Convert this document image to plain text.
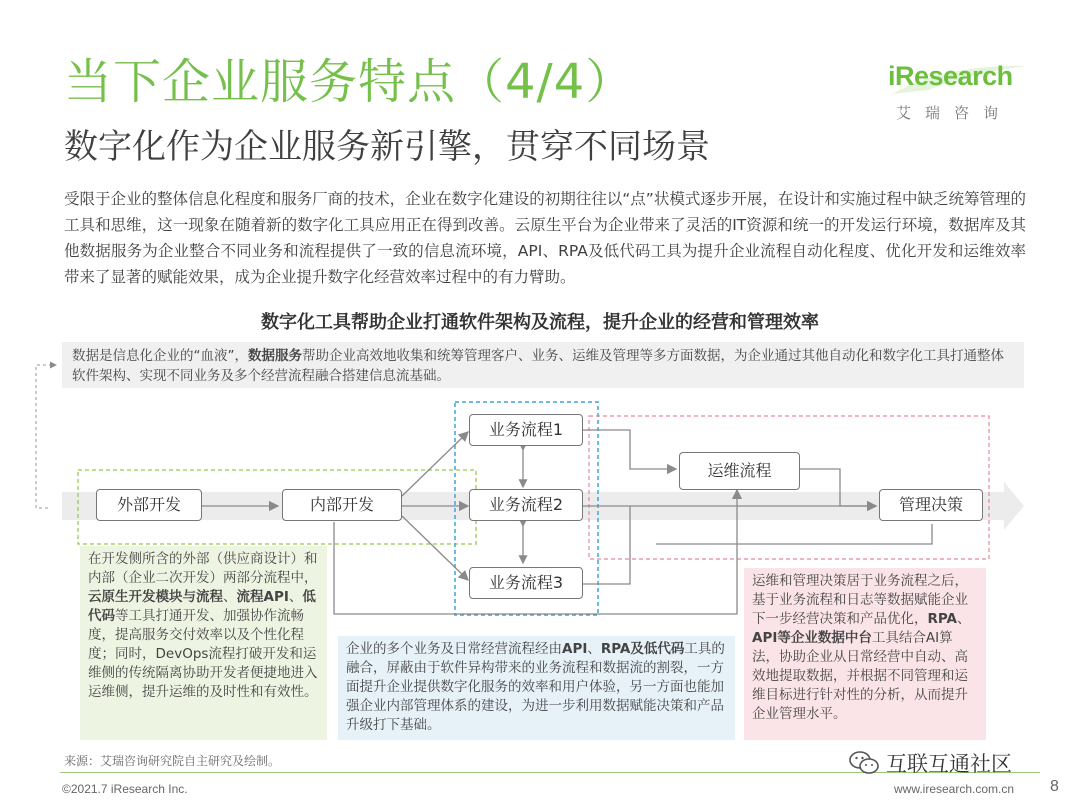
当下企业服务特点（4/4）
数字化作为企业服务新引擎，贯穿不同场景
iResearch
艾瑞咨询
受限于企业的整体信息化程度和服务厂商的技术，企业在数字化建设的初期往往以“点”状模式逐步开展，在设计和实施过程中缺乏统筹管理的工具和思维，这一现象在随着新的数字化工具应用正在得到改善。云原生平台为企业带来了灵活的IT资源和统一的开发运行环境，数据库及其他数据服务为企业整合不同业务和流程提供了一致的信息流环境，API、RPA及低代码工具为提升企业流程自动化程度、优化开发和运维效率带来了显著的赋能效果，成为企业提升数字化经营效率过程中的有力臂助。
数字化工具帮助企业打通软件架构及流程，提升企业的经营和管理效率
数据是信息化企业的“血液”，数据服务帮助企业高效地收集和统筹管理客户、业务、运维及管理等多方面数据，为企业通过其他自动化和数字化工具打通整体软件架构、实现不同业务及多个经营流程融合搭建信息流基础。
外部开发	内部开发
业务流程1
业务流程2
业务流程3
运维流程
管理决策
在开发侧所含的外部（供应商设计）和内部（企业二次开发）两部分流程中，云原生开发模块与流程、流程API、低代码等工具打通开发、加强协作流畅度，提高服务交付效率以及个性化程度；同时，DevOps流程打破开发和运维侧的传统隔离协助开发者便捷地进入运维侧，提升运维的及时性和有效性。
企业的多个业务及日常经营流程经由API、RPA及低代码工具的融合，屏蔽由于软件异构带来的业务流程和数据流的割裂，一方面提升企业提供数字化服务的效率和用户体验，另一方面也能加强企业内部管理体系的建设，为进一步利用数据赋能决策和产品升级打下基础。
运维和管理决策居于业务流程之后，基于业务流程和日志等数据赋能企业下一步经营决策和产品优化，RPA、API等企业数据中台工具结合AI算法，协助企业从日常经营中自动、高效地提取数据，并根据不同管理和运维目标进行针对性的分析，从而提升企业管理水平。
来源：艾瑞咨询研究院自主研究及绘制。
©2021.7 iResearch Inc.	www.iresearch.com.cn 8
互联互通社区
